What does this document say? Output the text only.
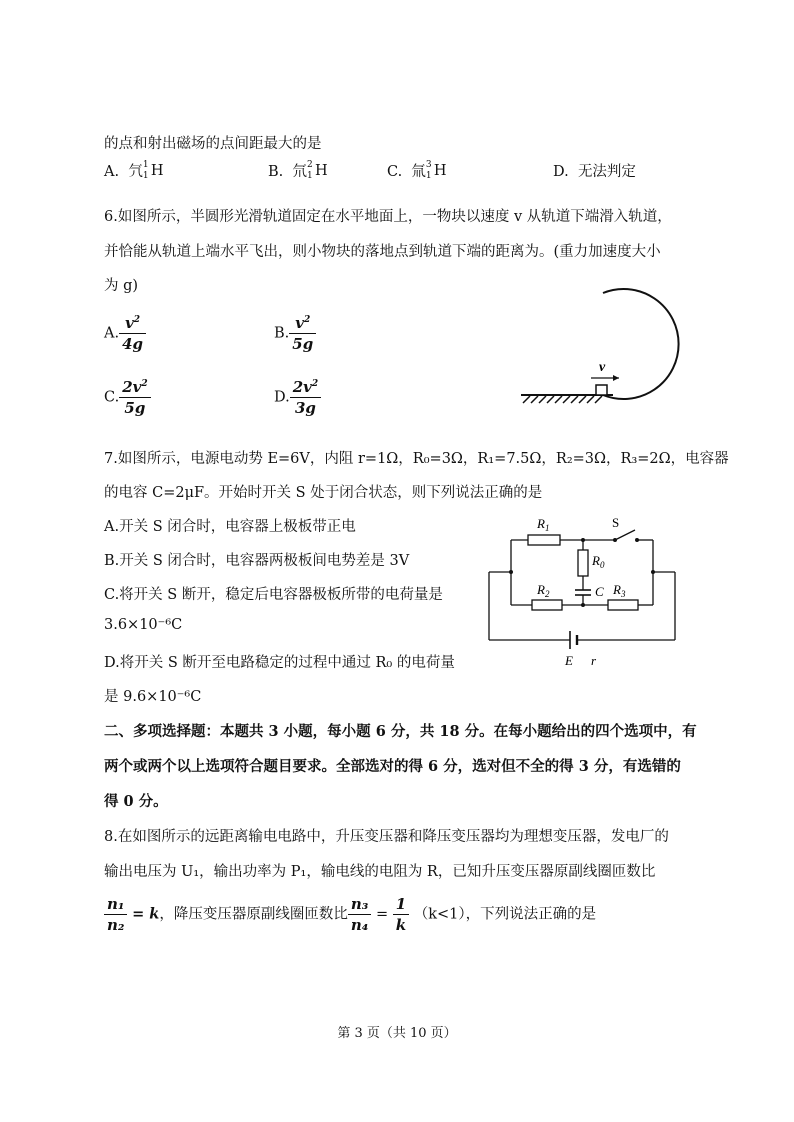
的点和射出磁场的点间距最大的是
A. 氕 1
1 H	B. 氘 2
1 H	C. 氚 3
1 H	D. 无法判定
6.如图所示，半圆形光滑轨道固定在水平地面上，一物块以速度 v 从轨道下端滑入轨道，
并恰能从轨道上端水平飞出，则小物块的落地点到轨道下端的距离为。(重力加速度大小
为 g)
A. $\frac{v^2}{4g}$	B. $\frac{v^2}{5g}$
C. $\frac{2v^2}{5g}$	D. $\frac{2v^2}{3g}$
v
7.如图所示，电源电动势 E=6V，内阻 r=1Ω，R₀=3Ω，R₁=7.5Ω，R₂=3Ω，R₃=2Ω，电容器
的电容 C=2μF。开始时开关 S 处于闭合状态，则下列说法正确的是
A.开关 S 闭合时，电容器上极板带正电
B.开关 S 闭合时，电容器两极板间电势差是 3V
C.将开关 S 断开，稳定后电容器极板所带的电荷量是
3.6×10⁻⁶C
D.将开关 S 断开至电路稳定的过程中通过 R₀ 的电荷量
是 9.6×10⁻⁶C
$R_1$	S
$R_0$
C
$R_2$	$R_3$
E r
二、多项选择题：本题共 3 小题，每小题 6 分，共 18 分。在每小题给出的四个选项中，有
两个或两个以上选项符合题目要求。全部选对的得 6 分，选对但不全的得 3 分，有选错的
得 0 分。
8.在如图所示的远距离输电电路中，升压变压器和降压变压器均为理想变压器，发电厂的
输出电压为 U₁，输出功率为 P₁，输电线的电阻为 R，已知升压变压器原副线圈匝数比
$\frac{\text{n₁}}{\text{n₂}} = k$，降压变压器原副线圈匝数比 $\frac{\text{n₃}}{\text{n₄}} = \frac{1}{k} (k<1)$，下列说法正确的是
第 3 页（共 10 页）
